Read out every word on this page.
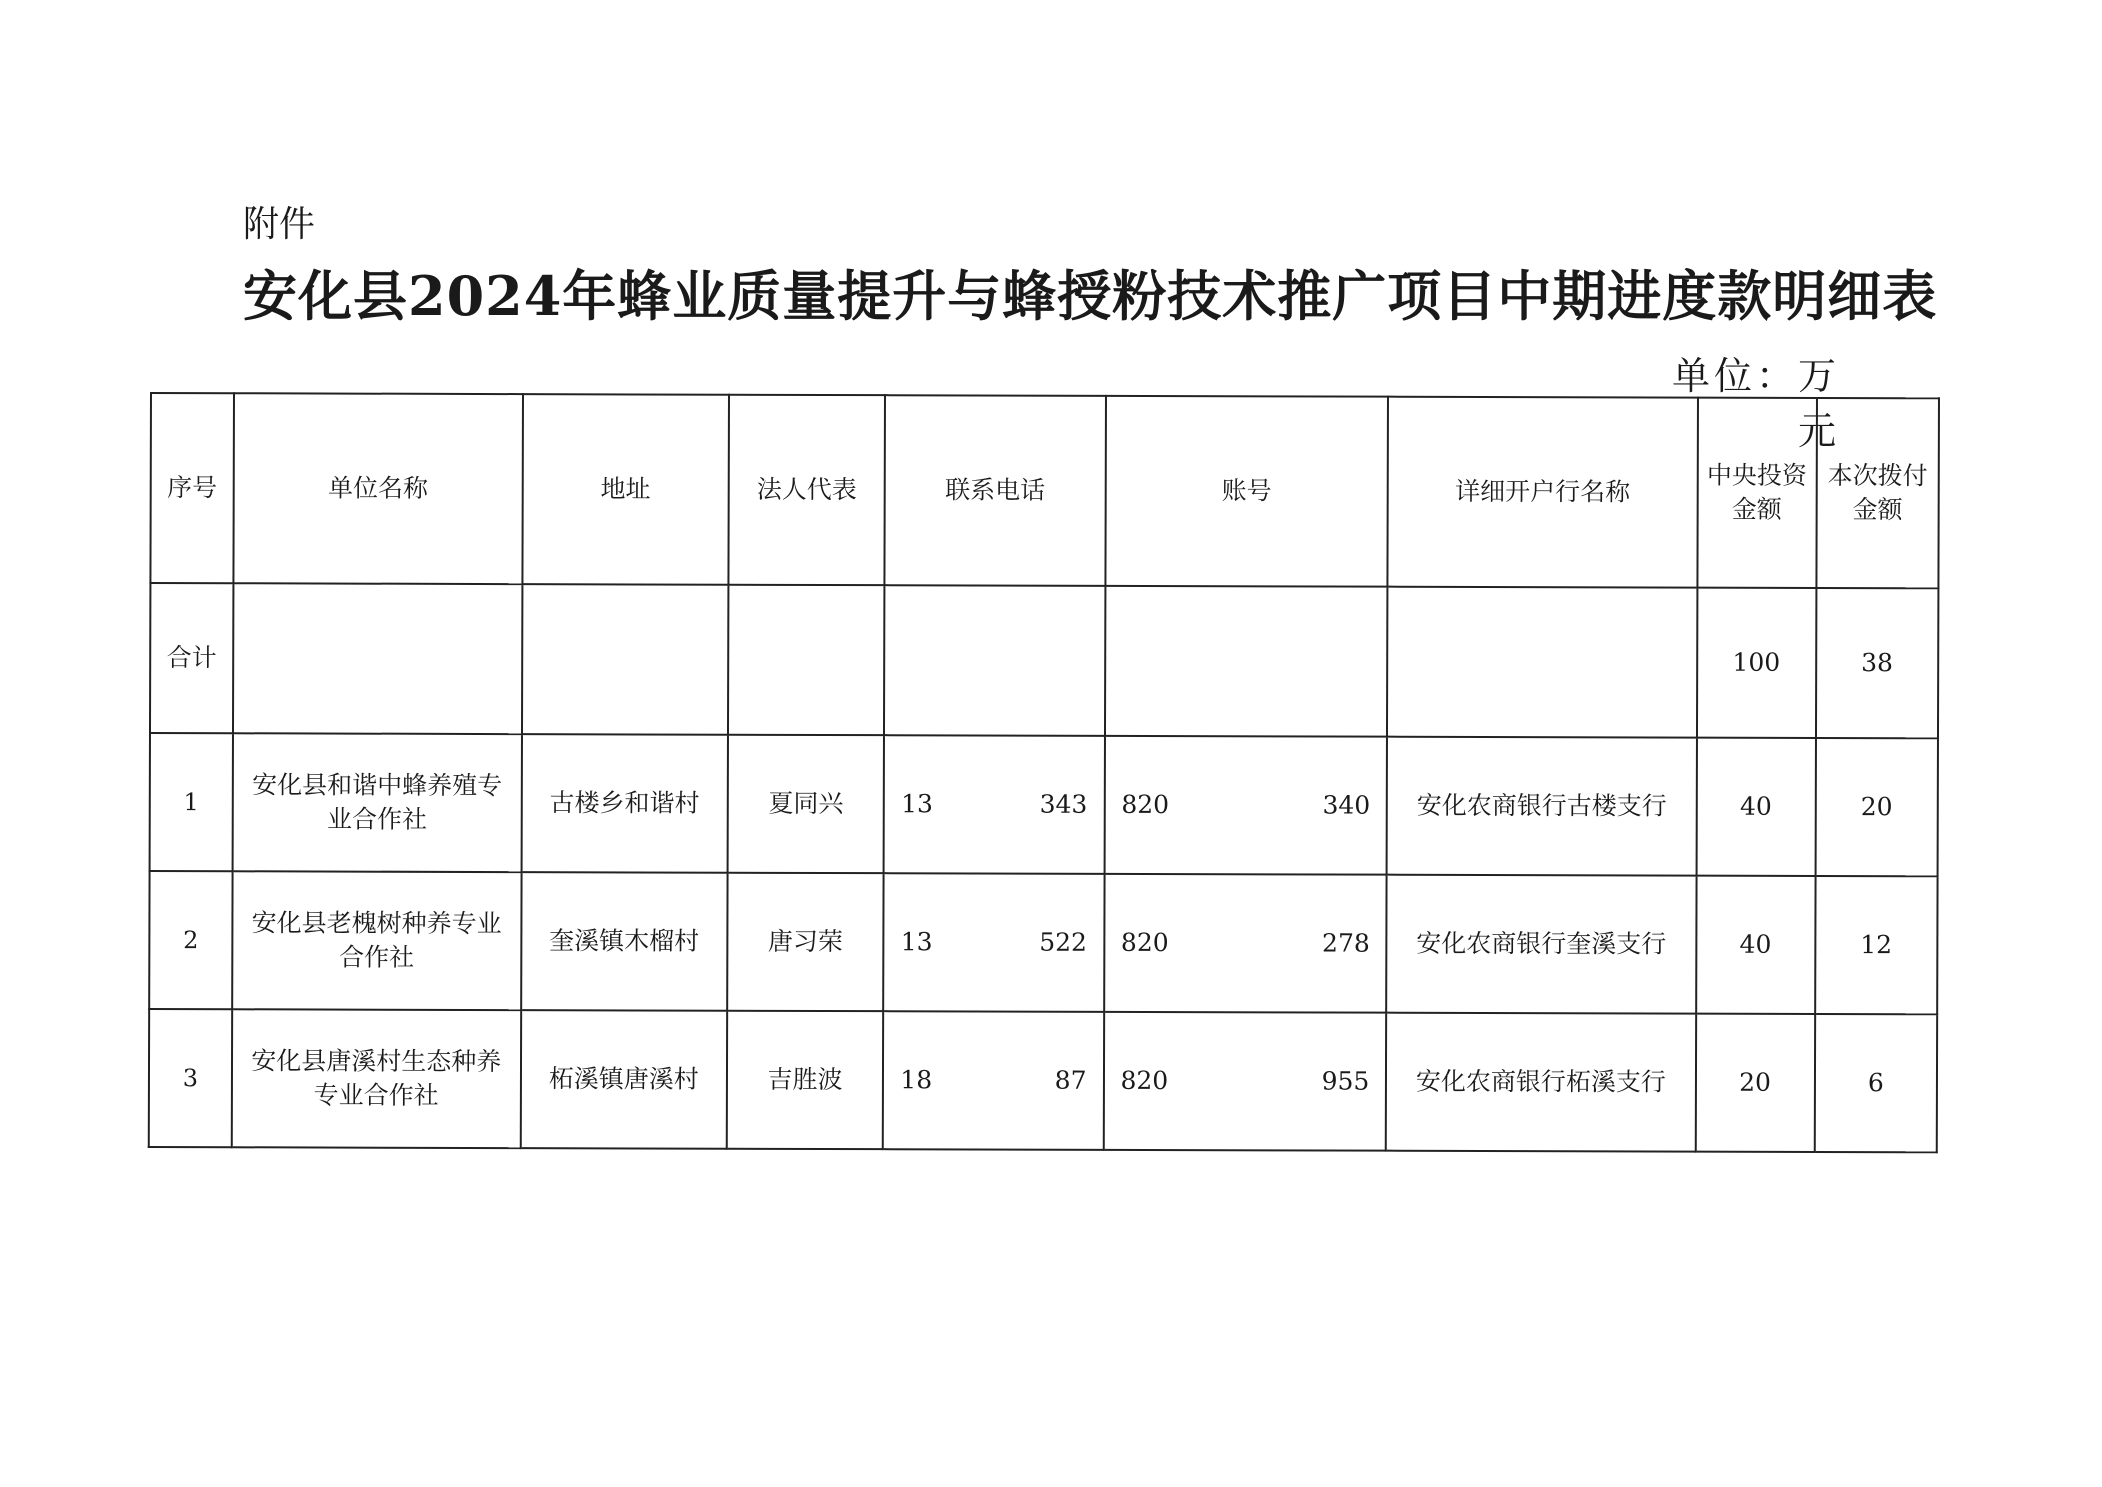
附件
安化县2024年蜂业质量提升与蜂授粉技术推广项目中期进度款明细表
单位：万元
序号	单位名称	地址	法人代表	联系电话	账号	详细开户行名称	中央投资金额	本次拨付金额
合计							100	38
1	安化县和谐中蜂养殖专业合作社	古楼乡和谐村	夏同兴	13 343	820 340	安化农商银行古楼支行	40	20
2	安化县老槐树种养专业合作社	奎溪镇木榴村	唐习荣	13 522	820 278	安化农商银行奎溪支行	40	12
3	安化县唐溪村生态种养专业合作社	柘溪镇唐溪村	吉胜波	18 87	820 955	安化农商银行柘溪支行	20	6
